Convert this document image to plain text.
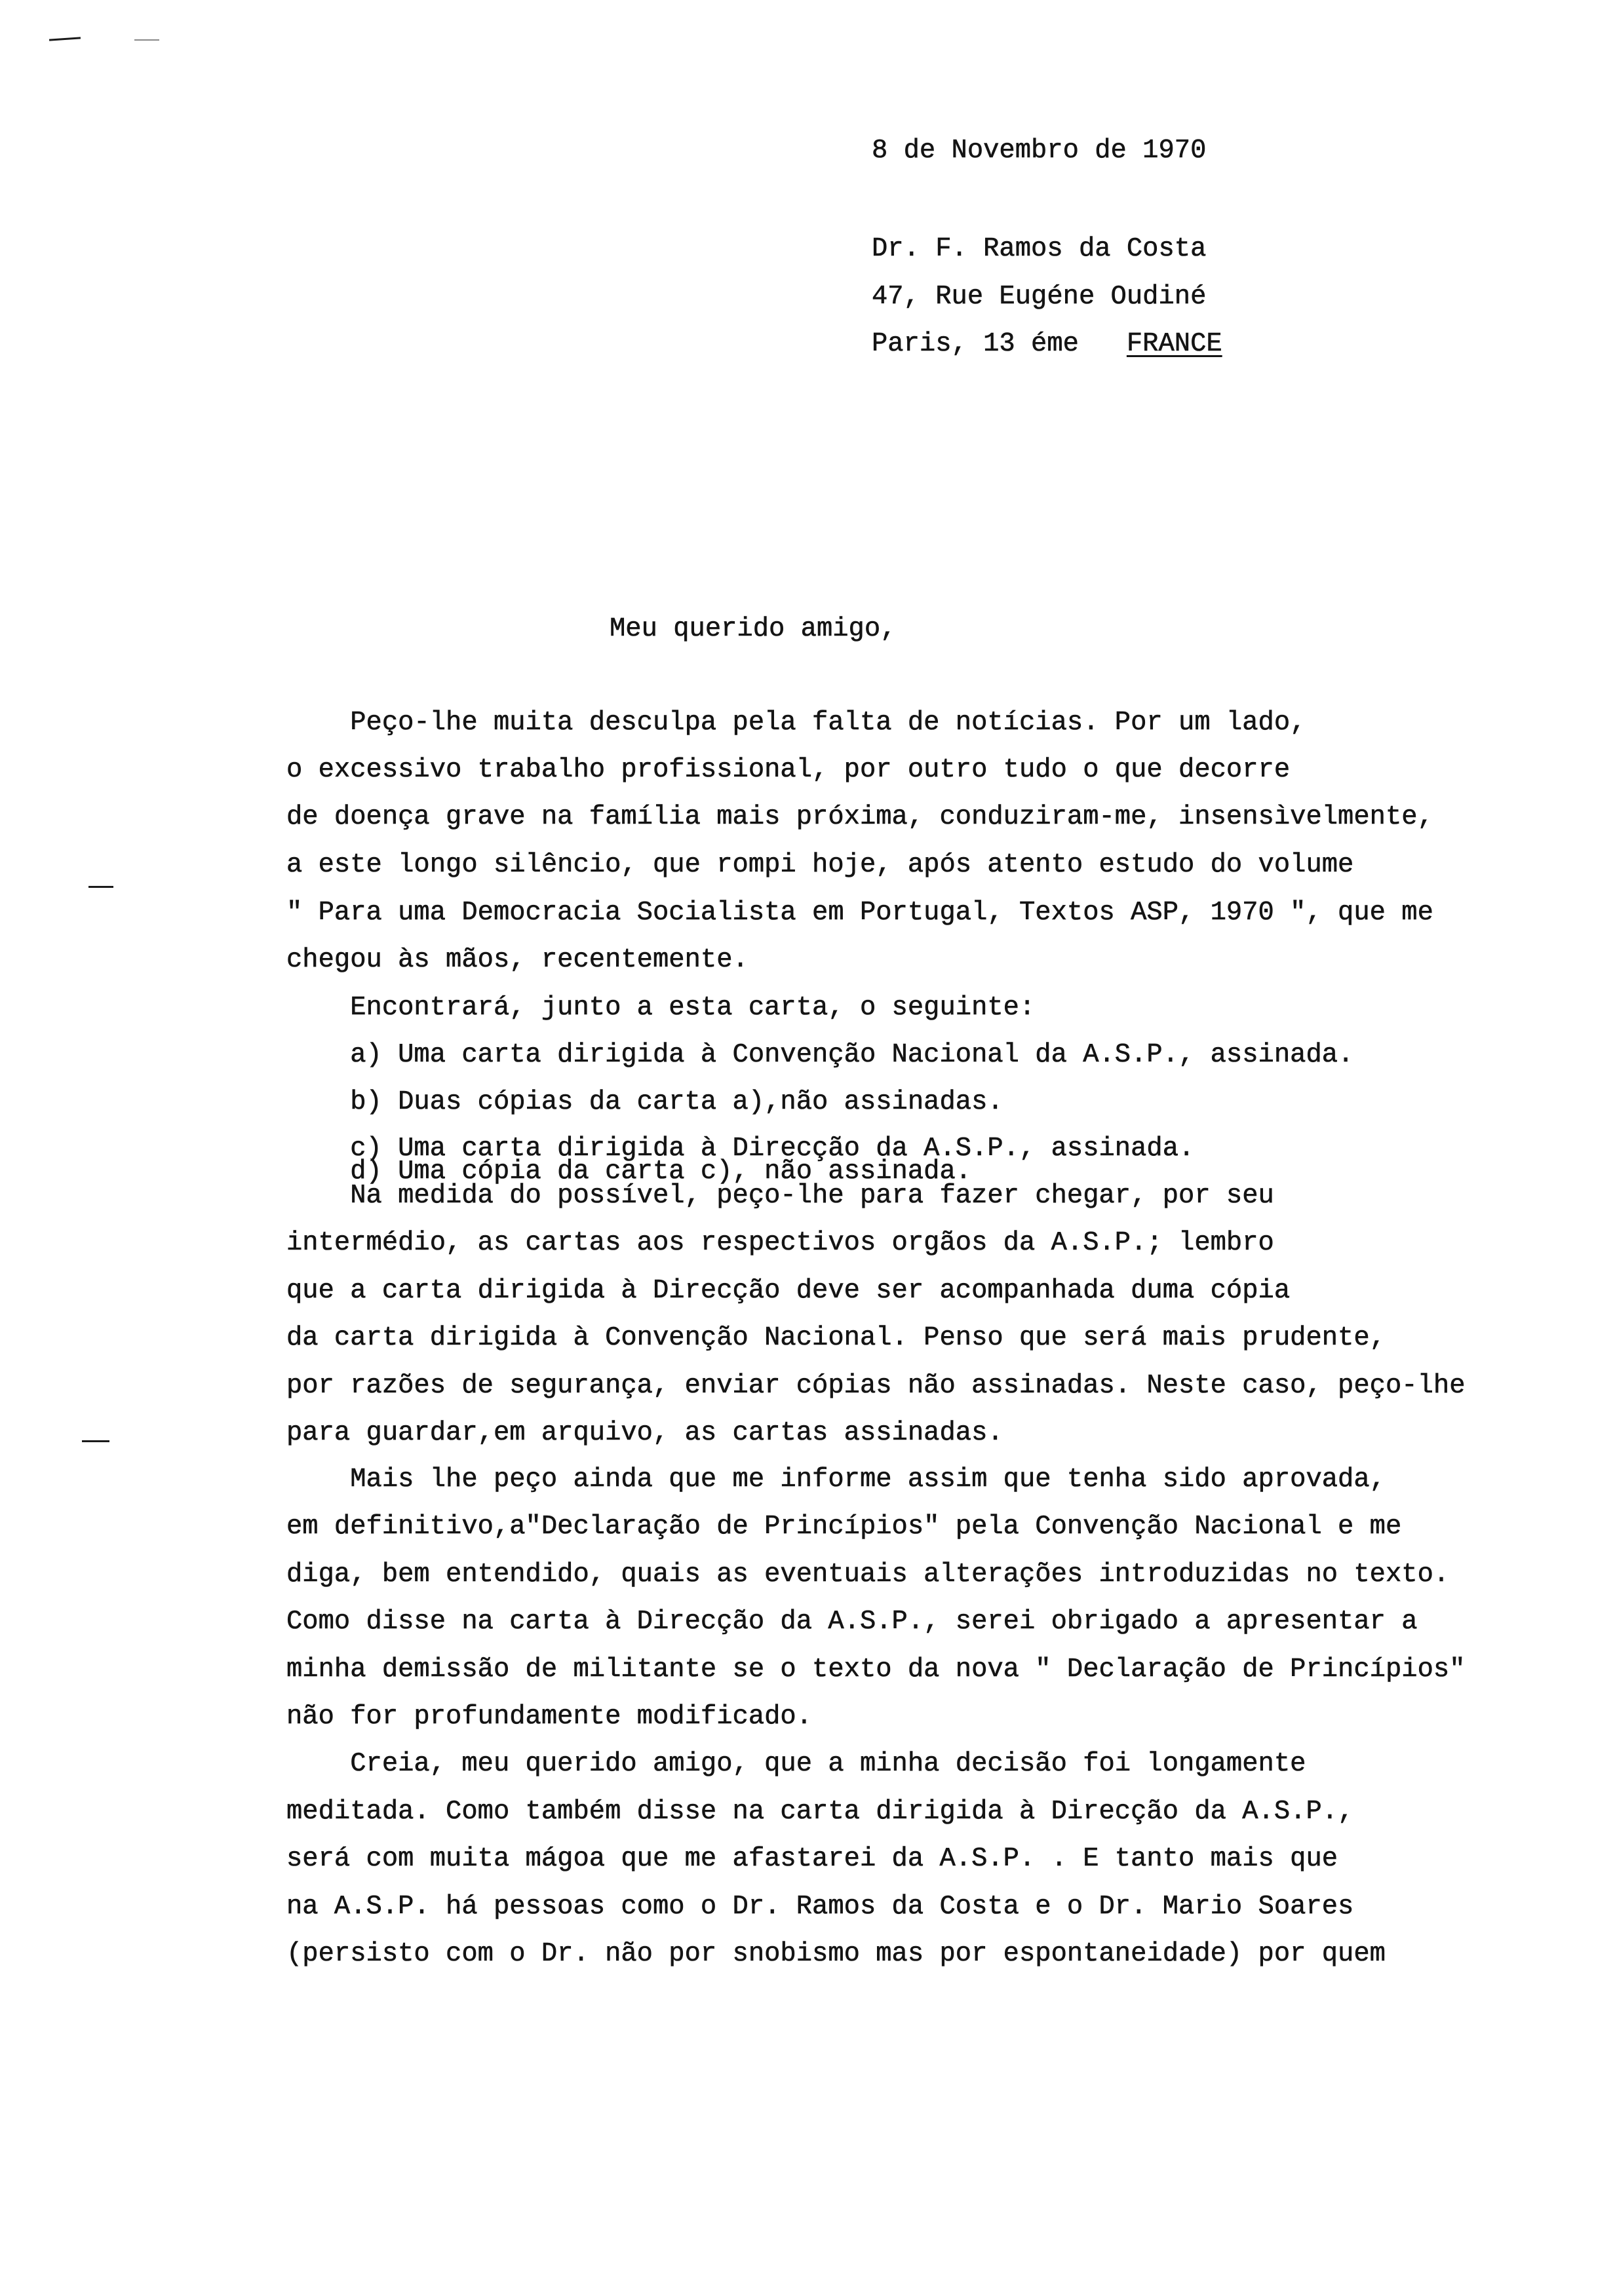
8 de Novembro de 1970
Dr. F. Ramos da Costa
47, Rue Eugéne Oudiné
Paris, 13 éme FRANCE
Meu querido amigo,
Peço-lhe muita desculpa pela falta de notícias. Por um lado,
o excessivo trabalho profissional, por outro tudo o que decorre
de doença grave na família mais próxima, conduziram-me, insensìvelmente,
a este longo silêncio, que rompi hoje, após atento estudo do volume
" Para uma Democracia Socialista em Portugal, Textos ASP, 1970 ", que me
chegou às mãos, recentemente.
Encontrará, junto a esta carta, o seguinte:
a) Uma carta dirigida à Convenção Nacional da A.S.P., assinada.
b) Duas cópias da carta a),não assinadas.
c) Uma carta dirigida à Direcção da A.S.P., assinada.
d) Uma cópia da carta c), não assinada.
Na medida do possível, peço-lhe para fazer chegar, por seu
intermédio, as cartas aos respectivos orgãos da A.S.P.; lembro
que a carta dirigida à Direcção deve ser acompanhada duma cópia
da carta dirigida à Convenção Nacional. Penso que será mais prudente,
por razões de segurança, enviar cópias não assinadas. Neste caso, peço-lhe
para guardar,em arquivo, as cartas assinadas.
Mais lhe peço ainda que me informe assim que tenha sido aprovada,
em definitivo,a"Declaração de Princípios" pela Convenção Nacional e me
diga, bem entendido, quais as eventuais alterações introduzidas no texto.
Como disse na carta à Direcção da A.S.P., serei obrigado a apresentar a
minha demissão de militante se o texto da nova " Declaração de Princípios"
não for profundamente modificado.
Creia, meu querido amigo, que a minha decisão foi longamente
meditada. Como também disse na carta dirigida à Direcção da A.S.P.,
será com muita mágoa que me afastarei da A.S.P. . E tanto mais que
na A.S.P. há pessoas como o Dr. Ramos da Costa e o Dr. Mario Soares
(persisto com o Dr. não por snobismo mas por espontaneidade) por quem
